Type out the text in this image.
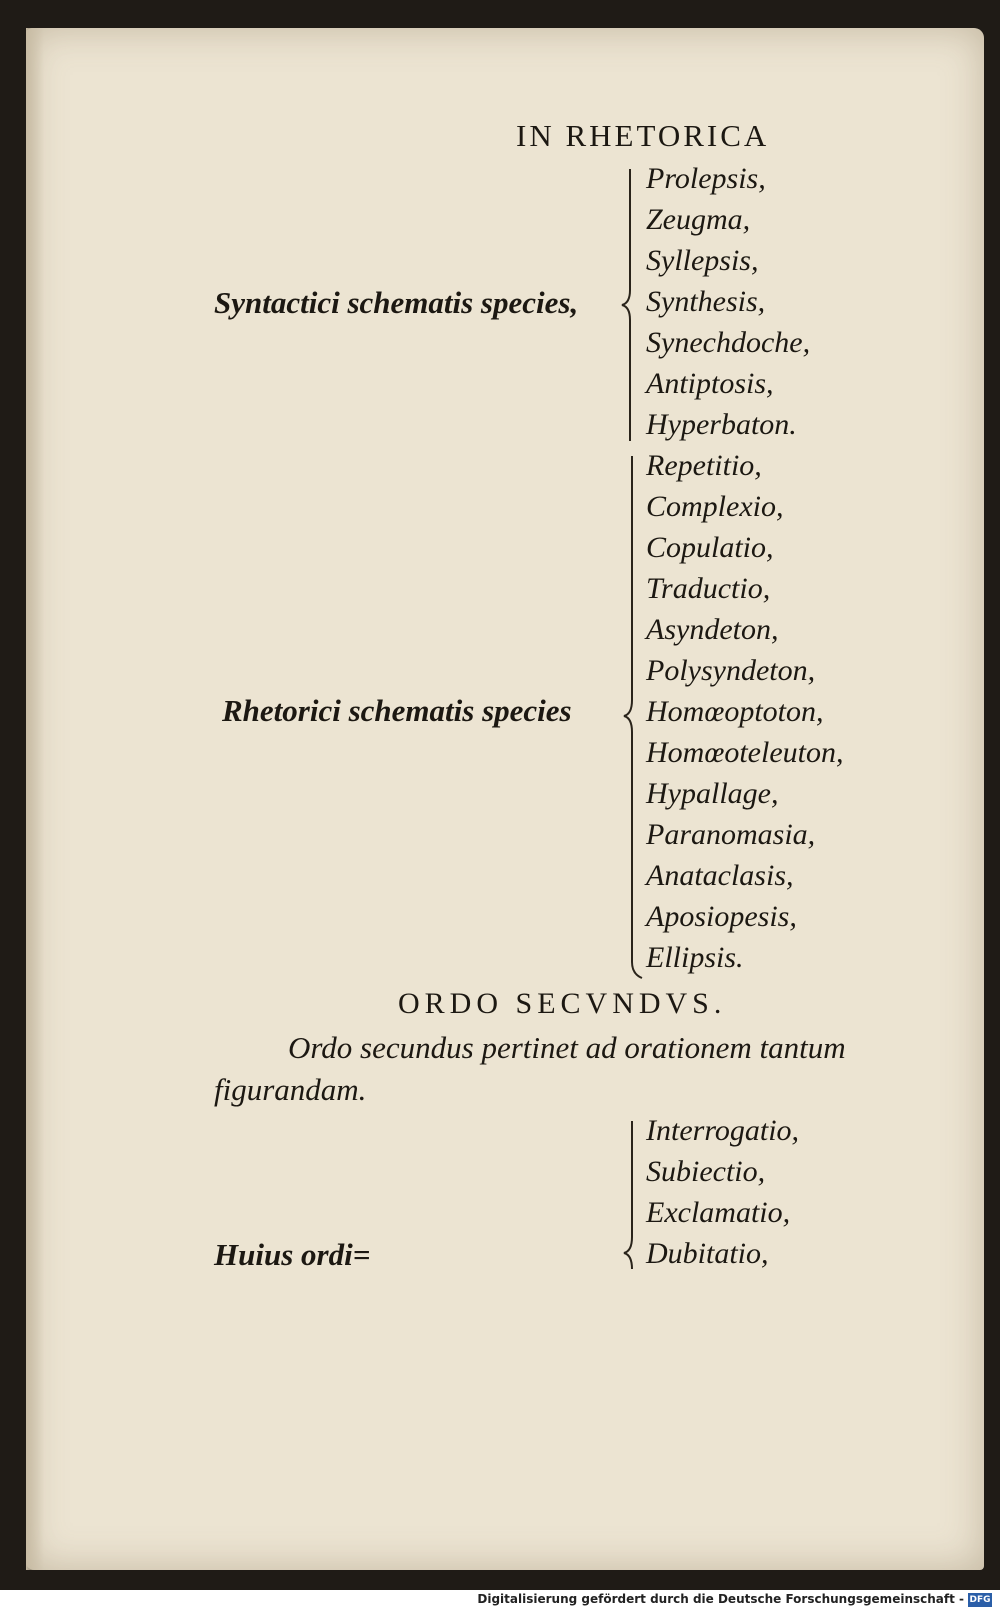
IN RHETORICA
Syntactici schematis species,
Prolepsis,
Zeugma,
Syllepsis,
Synthesis,
Synechdoche,
Antiptosis,
Hyperbaton.
Rhetorici schematis species
Repetitio,
Complexio,
Copulatio,
Traductio,
Asyndeton,
Polysyndeton,
Homœoptoton,
Homœoteleuton,
Hypallage,
Paranomasia,
Anataclasis,
Aposiopesis,
Ellipsis.
ORDO SECVNDVS.
Ordo secundus pertinet ad orationem tantum
figurandam.
Huius ordi=
Interrogatio,
Subiectio,
Exclamatio,
Dubitatio,
Digitalisierung gefördert durch die Deutsche Forschungsgemeinschaft - DFG
